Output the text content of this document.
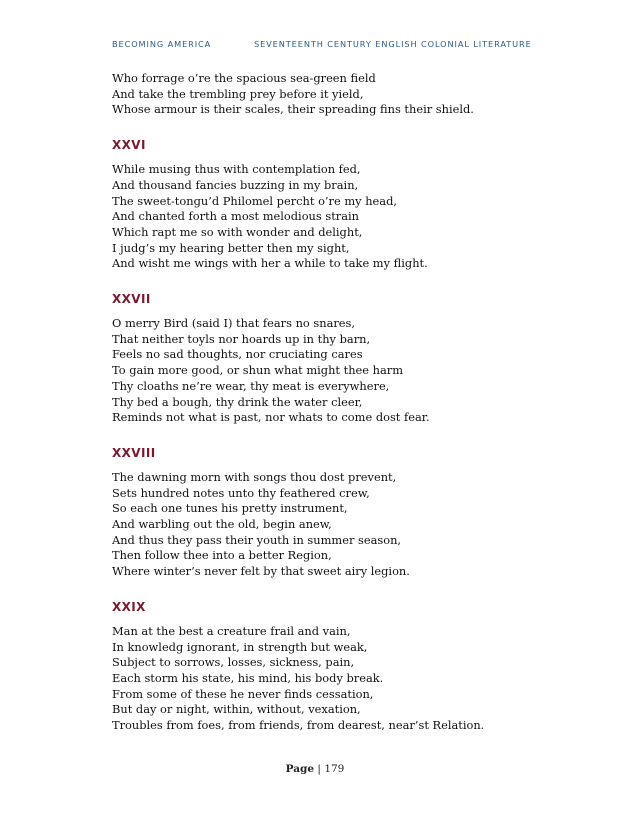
BECOMING AMERICA	SEVENTEENTH CENTURY ENGLISH COLONIAL LITERATURE
Who forrage o’re the spacious sea-green field
And take the trembling prey before it yield,
Whose armour is their scales, their spreading fins their shield.
XXVI
While musing thus with contemplation fed,
And thousand fancies buzzing in my brain,
The sweet-tongu’d Philomel percht o’re my head,
And chanted forth a most melodious strain
Which rapt me so with wonder and delight,
I judg’s my hearing better then my sight,
And wisht me wings with her a while to take my flight.
XXVII
O merry Bird (said I) that fears no snares,
That neither toyls nor hoards up in thy barn,
Feels no sad thoughts, nor cruciating cares
To gain more good, or shun what might thee harm
Thy cloaths ne’re wear, thy meat is everywhere,
Thy bed a bough, thy drink the water cleer,
Reminds not what is past, nor whats to come dost fear.
XXVIII
The dawning morn with songs thou dost prevent,
Sets hundred notes unto thy feathered crew,
So each one tunes his pretty instrument,
And warbling out the old, begin anew,
And thus they pass their youth in summer season,
Then follow thee into a better Region,
Where winter’s never felt by that sweet airy legion.
XXIX
Man at the best a creature frail and vain,
In knowledg ignorant, in strength but weak,
Subject to sorrows, losses, sickness, pain,
Each storm his state, his mind, his body break.
From some of these he never finds cessation,
But day or night, within, without, vexation,
Troubles from foes, from friends, from dearest, near’st Relation.
Page | 179
